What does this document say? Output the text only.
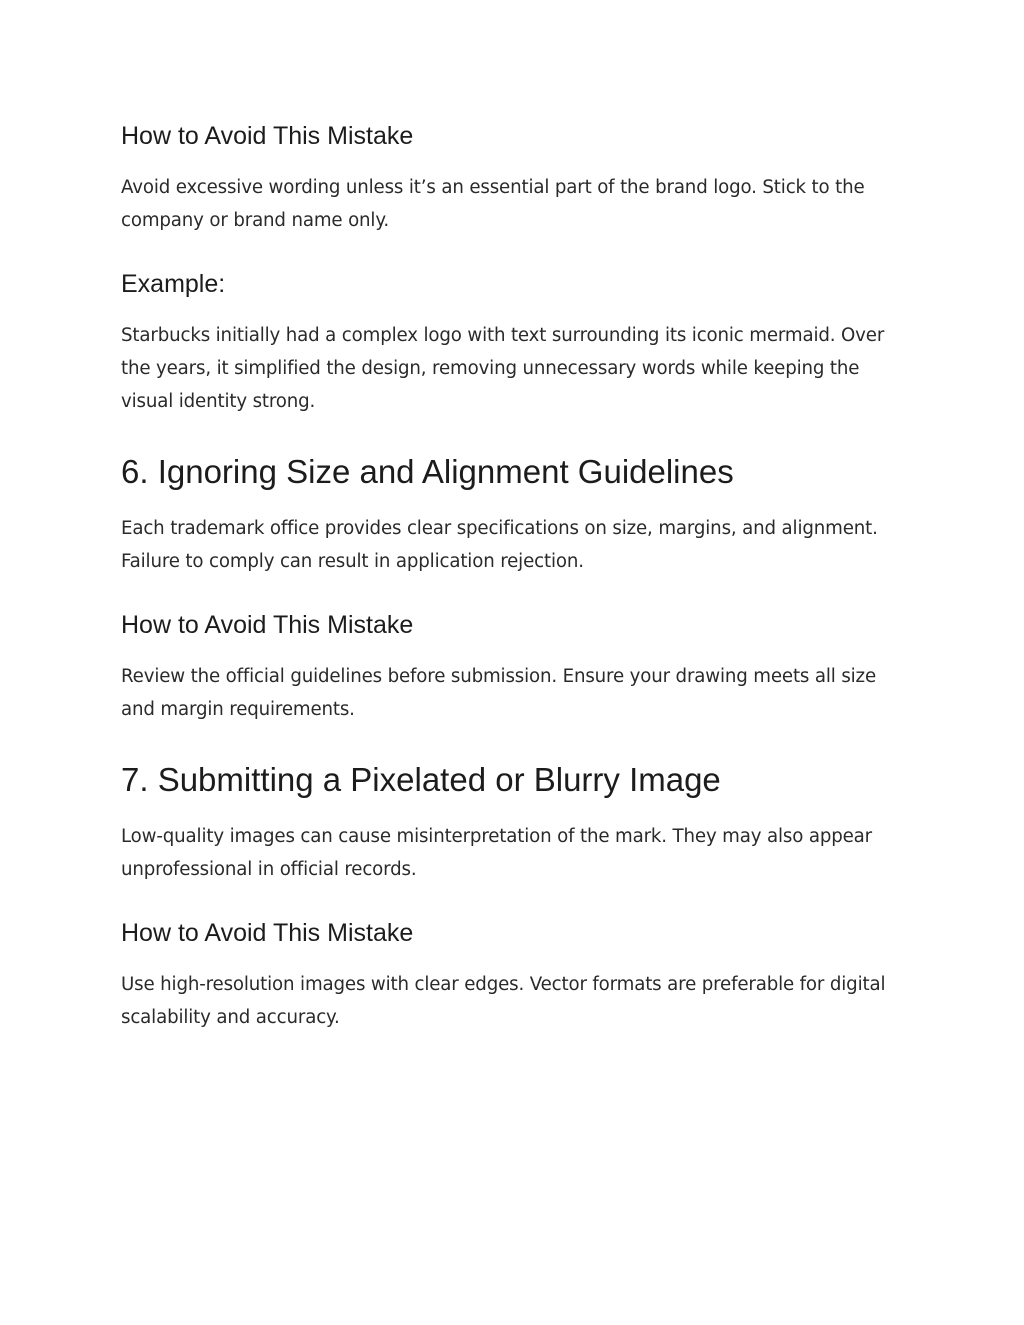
How to Avoid This Mistake

Avoid excessive wording unless it’s an essential part of the brand logo. Stick to the company or brand name only.

Example:

Starbucks initially had a complex logo with text surrounding its iconic mermaid. Over the years, it simplified the design, removing unnecessary words while keeping the visual identity strong.

6. Ignoring Size and Alignment Guidelines

Each trademark office provides clear specifications on size, margins, and alignment. Failure to comply can result in application rejection.

How to Avoid This Mistake

Review the official guidelines before submission. Ensure your drawing meets all size and margin requirements.

7. Submitting a Pixelated or Blurry Image

Low-quality images can cause misinterpretation of the mark. They may also appear unprofessional in official records.

How to Avoid This Mistake

Use high-resolution images with clear edges. Vector formats are preferable for digital scalability and accuracy.
